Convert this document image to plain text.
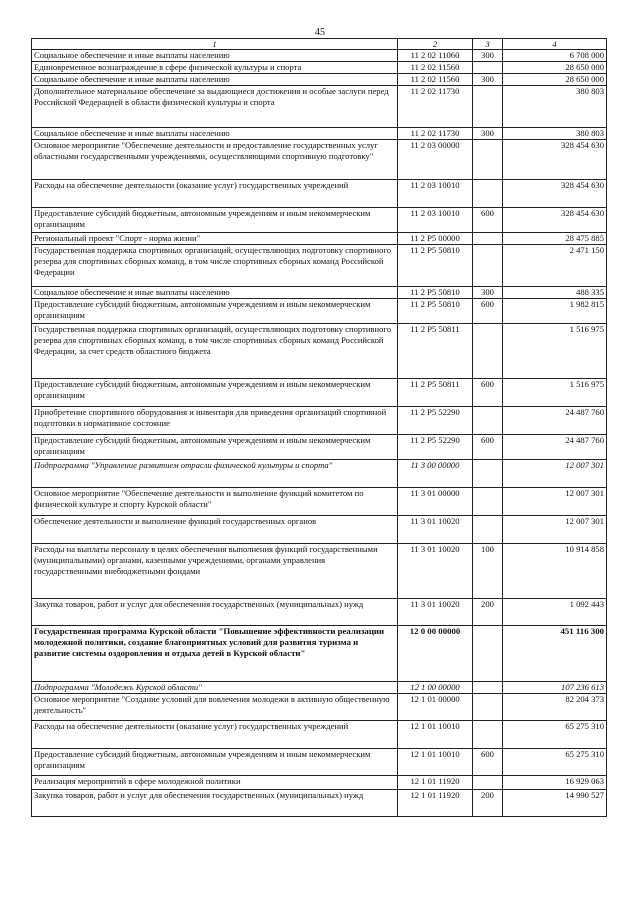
45
1	2	3	4
Социальное обеспечение и иные выплаты населению	11 2 02 11060	300	6 708 000
Единовременное вознаграждение в сфере физической культуры и спорта	11 2 02 11560		28 650 000
Социальное обеспечение и иные выплаты населению	11 2 02 11560	300	28 650 000
Дополнительное материальное обеспечение за выдающиеся достижения и особые заслуги перед Российской Федерацией в области физической культуры и спорта	11 2 02 11730		380 803
Социальное обеспечение и иные выплаты населению	11 2 02 11730	300	380 803
Основное мероприятие "Обеспечение деятельности и предоставление государственных услуг областными государственными учреждениями, осуществляющими спортивную подготовку"	11 2 03 00000		328 454 630
Расходы на обеспечение деятельности (оказание услуг) государственных учреждений	11 2 03 10010		328 454 630
Предоставление субсидий бюджетным, автономным учреждениям и иным некоммерческим организациям	11 2 03 10010	600	328 454 630
Региональный проект "Спорт - норма жизни"	11 2 P5 00000		28 475 885
Государственная поддержка спортивных организаций, осуществляющих подготовку спортивного резерва для спортивных сборных команд, в том числе спортивных сборных команд Российской Федерации	11 2 P5 50810		2 471 150
Социальное обеспечение и иные выплаты населению	11 2 P5 50810	300	488 335
Предоставление субсидий бюджетным, автономным учреждениям и иным некоммерческим организациям	11 2 P5 50810	600	1 982 815
Государственная поддержка спортивных организаций, осуществляющих подготовку спортивного резерва для спортивных сборных команд, в том числе спортивных сборных команд Российской Федерации, за счет средств областного бюджета	11 2 P5 50811		1 516 975
Предоставление субсидий бюджетным, автономным учреждениям и иным некоммерческим организациям	11 2 P5 50811	600	1 516 975
Приобретение спортивного оборудования и инвентаря для приведения организаций спортивной подготовки в нормативное состояние	11 2 P5 52290		24 487 760
Предоставление субсидий бюджетным, автономным учреждениям и иным некоммерческим организациям	11 2 P5 52290	600	24 487 760
Подпрограмма "Управление развитием отрасли физической культуры и спорта"	11 3 00 00000		12 007 301
Основное мероприятие "Обеспечение деятельности и выполнение функций комитетом по физической культуре и спорту Курской области"	11 3 01 00000		12 007 301
Обеспечение деятельности и выполнение функций государственных органов	11 3 01 10020		12 007 301
Расходы на выплаты персоналу в целях обеспечения выполнения функций государственными (муниципальными) органами, казенными учреждениями, органами управления государственными внебюджетными фондами	11 3 01 10020	100	10 914 858
Закупка товаров, работ и услуг для обеспечения государственных (муниципальных) нужд	11 3 01 10020	200	1 092 443
Государственная программа Курской области "Повышение эффективности реализации молодежной политики, создание благоприятных условий для развития туризма и развитие системы оздоровления и отдыха детей в Курской области"	12 0 00 00000		451 116 300
Подпрограмма "Молодежь Курской области"	12 1 00 00000		107 236 613
Основное мероприятие "Создание условий для вовлечения молодежи в активную общественную деятельность"	12 1 01 00000		82 204 373
Расходы на обеспечение деятельности (оказание услуг) государственных учреждений	12 1 01 10010		65 275 310
Предоставление субсидий бюджетным, автономным учреждениям и иным некоммерческим организациям	12 1 01 10010	600	65 275 310
Реализация мероприятий в сфере молодежной политики	12 1 01 11920		16 929 063
Закупка товаров, работ и услуг для обеспечения государственных (муниципальных) нужд	12 1 01 11920	200	14 990 527
